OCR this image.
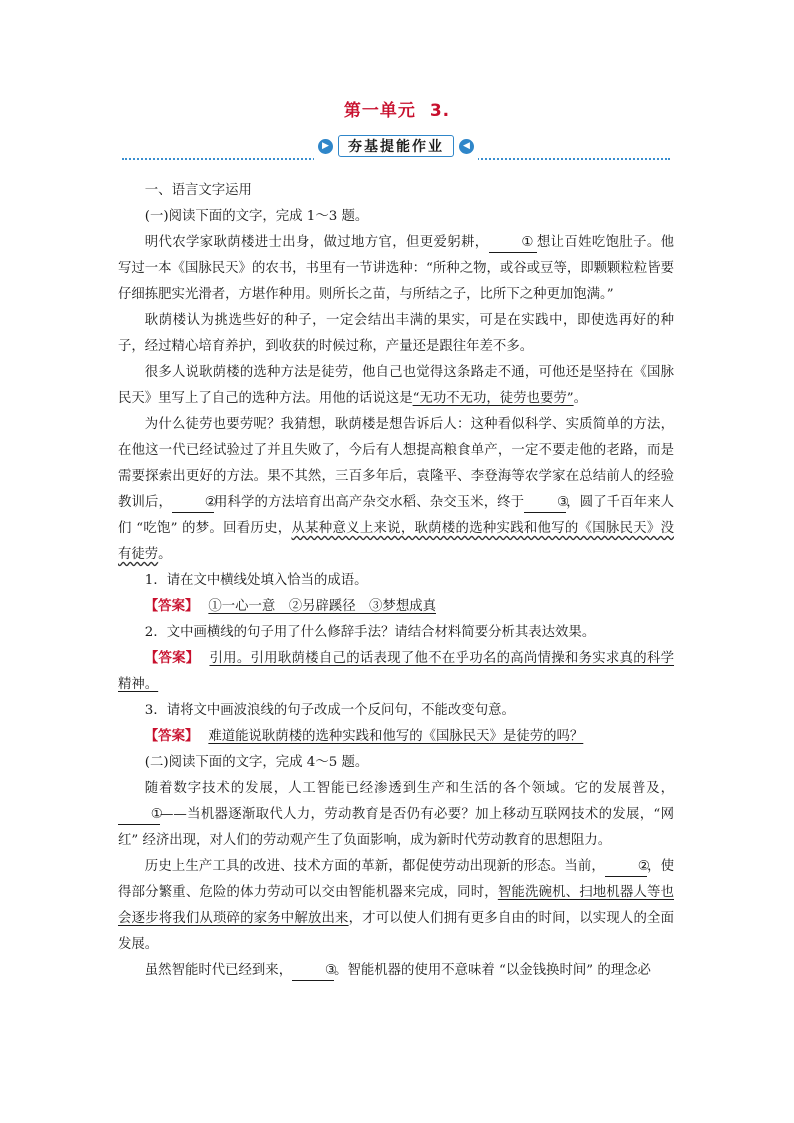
第一单元 3.
▶	夯基提能作业	◀

一、语言文字运用

(一)阅读下面的文字，完成 1～3 题。

明代农学家耿荫楼进士出身，做过地方官，但更爱躬耕， ① 想让百姓吃饱肚子。他写过一本《国脉民天》的农书，书里有一节讲选种：“所种之物，或谷或豆等，即颗颗粒粒皆要仔细拣肥实光滑者，方堪作种用。则所长之苗，与所结之子，比所下之种更加饱满。”

耿荫楼认为挑选些好的种子，一定会结出丰满的果实，可是在实践中，即使选再好的种子，经过精心培育养护，到收获的时候过称，产量还是跟往年差不多。

很多人说耿荫楼的选种方法是徒劳，他自己也觉得这条路走不通，可他还是坚持在《国脉民天》里写上了自己的选种方法。用他的话说这是“无功不无功，徒劳也要劳”。

为什么徒劳也要劳呢？我猜想，耿荫楼是想告诉后人：这种看似科学、实质简单的方法，在他这一代已经试验过了并且失败了，今后有人想提高粮食单产，一定不要走他的老路，而是需要探索出更好的方法。果不其然，三百多年后，袁隆平、李登海等农学家在总结前人的经验教训后， ②用科学的方法培育出高产杂交水稻、杂交玉米，终于 ③，圆了千百年来人们 “吃饱” 的梦。回看历史，从某种意义上来说，耿荫楼的选种实践和他写的《国脉民天》没有徒劳。

1．请在文中横线处填入恰当的成语。

【答案】 ①一心一意　②另辟蹊径　③梦想成真

2．文中画横线的句子用了什么修辞手法？请结合材料简要分析其表达效果。

【答案】 引用。引用耿荫楼自己的话表现了他不在乎功名的高尚情操和务实求真的科学精神。

3．请将文中画波浪线的句子改成一个反问句，不能改变句意。

【答案】 难道能说耿荫楼的选种实践和他写的《国脉民天》是徒劳的吗？

(二)阅读下面的文字，完成 4～5 题。

随着数字技术的发展，人工智能已经渗透到生产和生活的各个领域。它的发展普及，①——当机器逐渐取代人力，劳动教育是否仍有必要？加上移动互联网技术的发展，“网红” 经济出现，对人们的劳动观产生了负面影响，成为新时代劳动教育的思想阻力。

历史上生产工具的改进、技术方面的革新，都促使劳动出现新的形态。当前， ②，使得部分繁重、危险的体力劳动可以交由智能机器来完成，同时，智能洗碗机、扫地机器人等也会逐步将我们从琐碎的家务中解放出来，才可以使人们拥有更多自由的时间，以实现人的全面发展。

虽然智能时代已经到来， ③。智能机器的使用不意味着 “以金钱换时间” 的理念必
